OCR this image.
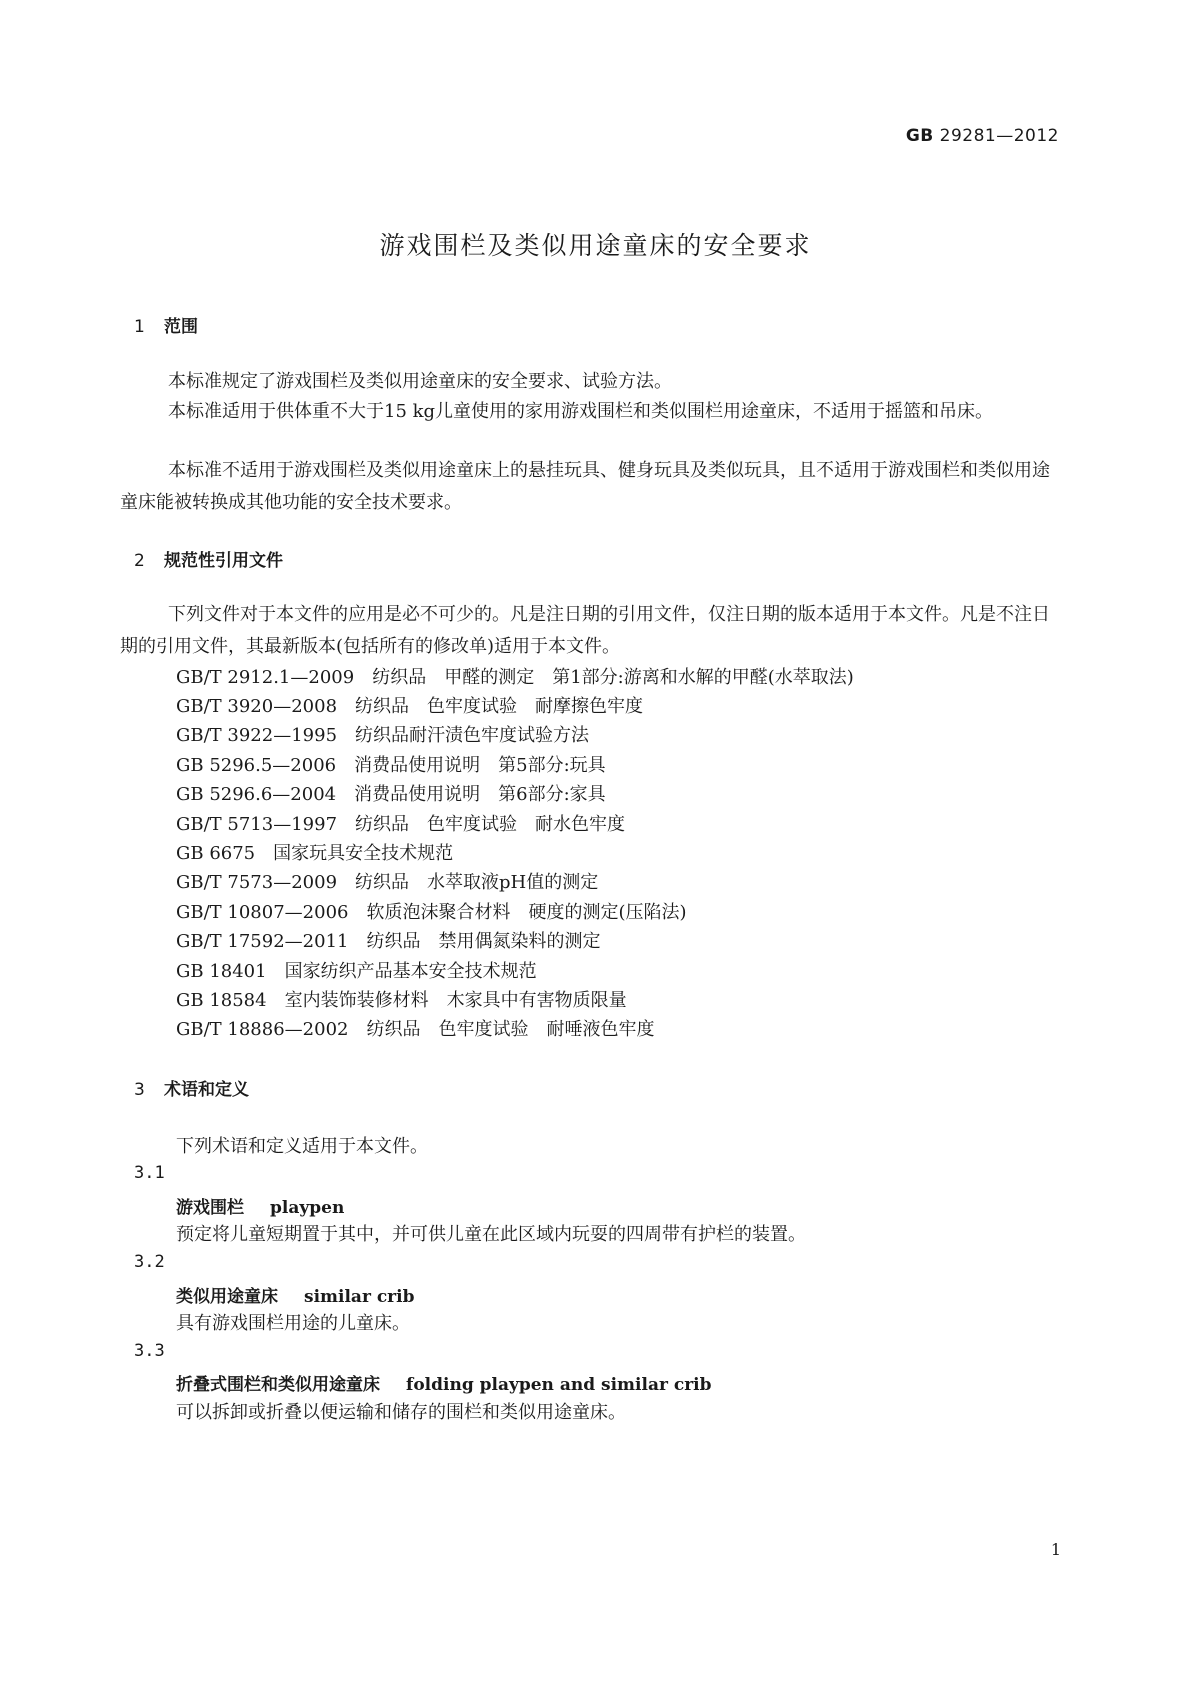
GB 29281—2012
游戏围栏及类似用途童床的安全要求
1 范围
本标准规定了游戏围栏及类似用途童床的安全要求、试验方法。
本标准适用于供体重不大于15 kg儿童使用的家用游戏围栏和类似围栏用途童床，不适用于摇篮和吊床。
本标准不适用于游戏围栏及类似用途童床上的悬挂玩具、健身玩具及类似玩具，且不适用于游戏围栏和类似用途童床能被转换成其他功能的安全技术要求。
2 规范性引用文件
下列文件对于本文件的应用是必不可少的。凡是注日期的引用文件，仅注日期的版本适用于本文件。凡是不注日期的引用文件，其最新版本(包括所有的修改单)适用于本文件。
GB/T 2912.1—2009　纺织品　甲醛的测定　第1部分:游离和水解的甲醛(水萃取法)
GB/T 3920—2008　纺织品　色牢度试验　耐摩擦色牢度
GB/T 3922—1995　纺织品耐汗渍色牢度试验方法
GB 5296.5—2006　消费品使用说明　第5部分:玩具
GB 5296.6—2004　消费品使用说明　第6部分:家具
GB/T 5713—1997　纺织品　色牢度试验　耐水色牢度
GB 6675　国家玩具安全技术规范
GB/T 7573—2009　纺织品　水萃取液pH值的测定
GB/T 10807—2006　软质泡沫聚合材料　硬度的测定(压陷法)
GB/T 17592—2011　纺织品　禁用偶氮染料的测定
GB 18401　国家纺织产品基本安全技术规范
GB 18584　室内装饰装修材料　木家具中有害物质限量
GB/T 18886—2002　纺织品　色牢度试验　耐唾液色牢度
3 术语和定义
下列术语和定义适用于本文件。
3.1
游戏围栏 playpen
预定将儿童短期置于其中，并可供儿童在此区域内玩耍的四周带有护栏的装置。
3.2
类似用途童床 similar crib
具有游戏围栏用途的儿童床。
3.3
折叠式围栏和类似用途童床 folding playpen and similar crib
可以拆卸或折叠以便运输和储存的围栏和类似用途童床。
1
